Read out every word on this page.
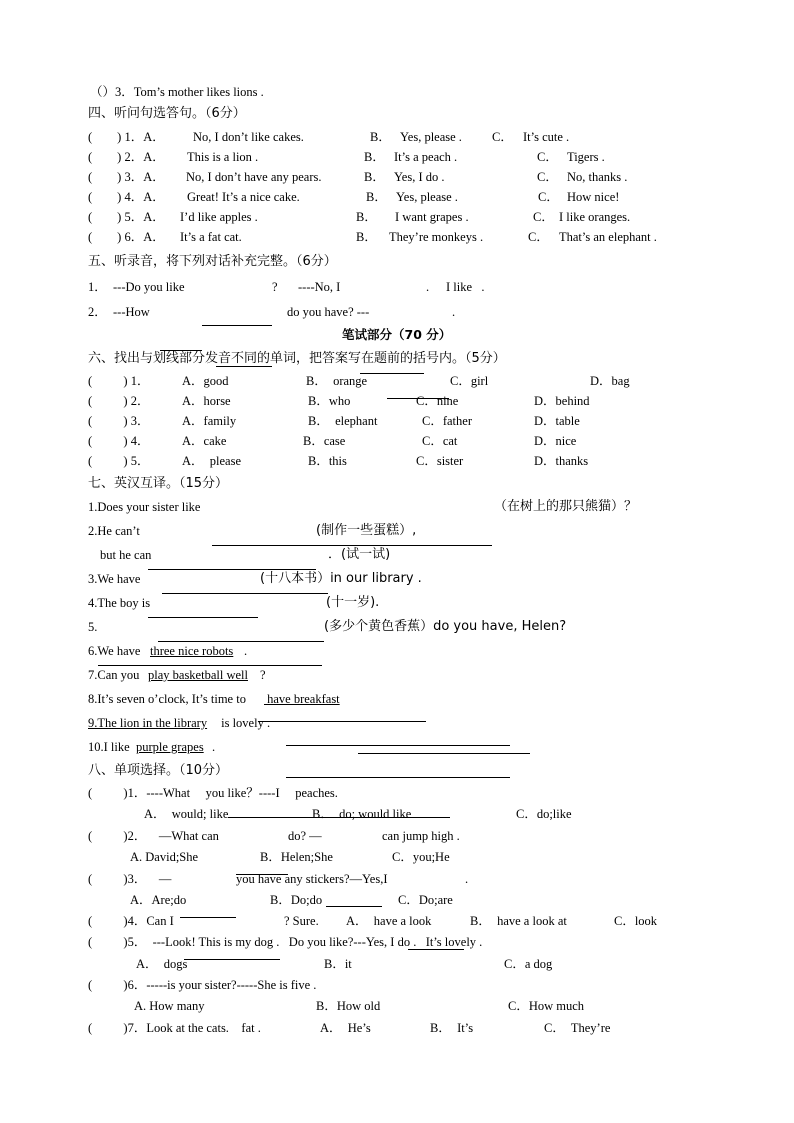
（）3．Tom’s mother likes lions .
四、听问句选答句。（6分）

(        ) 1．A． No, I don’t like cakes.

	B． Yes, please .

C． It’s cute .

(        ) 2．A． This is a lion .

	B． It’s a peach .

	C． Tigers .

(        ) 3．A． No, I don’t have any pears.

	B． Yes, I do .

	C． No, thanks .

(        ) 4．A． Great! It’s a nice cake.

	B． Yes, please .

	C． How nice!

(        ) 5．A． I’d like apples .

	B． I want grapes .

	C． I like oranges.

(        ) 6．A． It’s a fat cat.

	B． They’re monkeys .

	C． That’s an elephant .
五、听录音，将下列对话补充完整。（6分）

1．  ---Do you like

	?

----No, I

	.

I like   .

2．  ---How

	do you have? ---

	.

笔试部分（70 分）
六、找出与划线部分发音不同的单词，把答案写在题前的括号内。（5分）

(          ) 1．	A．good

	B．  orange	C．girl

	D．bag

(          ) 2．	A．horse

	B．who	C．nine

	D．behind

(          ) 3．	A．family

	B．  elephant	C．father

	D．table

(          ) 4．	A．cake

	B．case	C．cat

	D．nice

(          ) 5．	A．  please

	B．this	C．sister

	D．thanks
七、英汉互译。（15分）

1.Does your sister like

	（在树上的那只熊猫）？

2.He can’t

	(制作一些蛋糕）,

but he can

	．(试一试)

3.We have

	(十八本书）in our library .

4.The boy is

	(十一岁).

5.

	(多少个黄色香蕉）do you have, Helen?

6.We have

three nice robots

.

7.Can you

play basketball well

?

8.It’s seven o’clock, It’s time to

have breakfast

9.The lion in the library

is lovely .

10.I like

purple grapes

.

八、单项选择。（10分）
(          )1．----What     you like？----I     peaches.

A．  would; like	B．  do; would like	C．do;like

(          )2．    —What can

	do? —

	can jump high .

A. David;She	B．Helen;She	C．you;He

(          )3．    —

	you have any stickers?—Yes,I

	.

A．Are;do	B．Do;do	C．Do;are

(          )4．Can I

	? Sure.

A．  have a look

	B．  have a look at

	C．look
(          )5．  ---Look! This is my dog .   Do you like?---Yes, I do .   It’s lovely .

A．  dogs	B．it	C．a dog
(          )6．-----is your sister?-----She is five .

A. How many	B．How old	C．How much

(          )7．Look at the cats.    fat .

	A．  He’s

	B．  It’s

	C．  They’re
